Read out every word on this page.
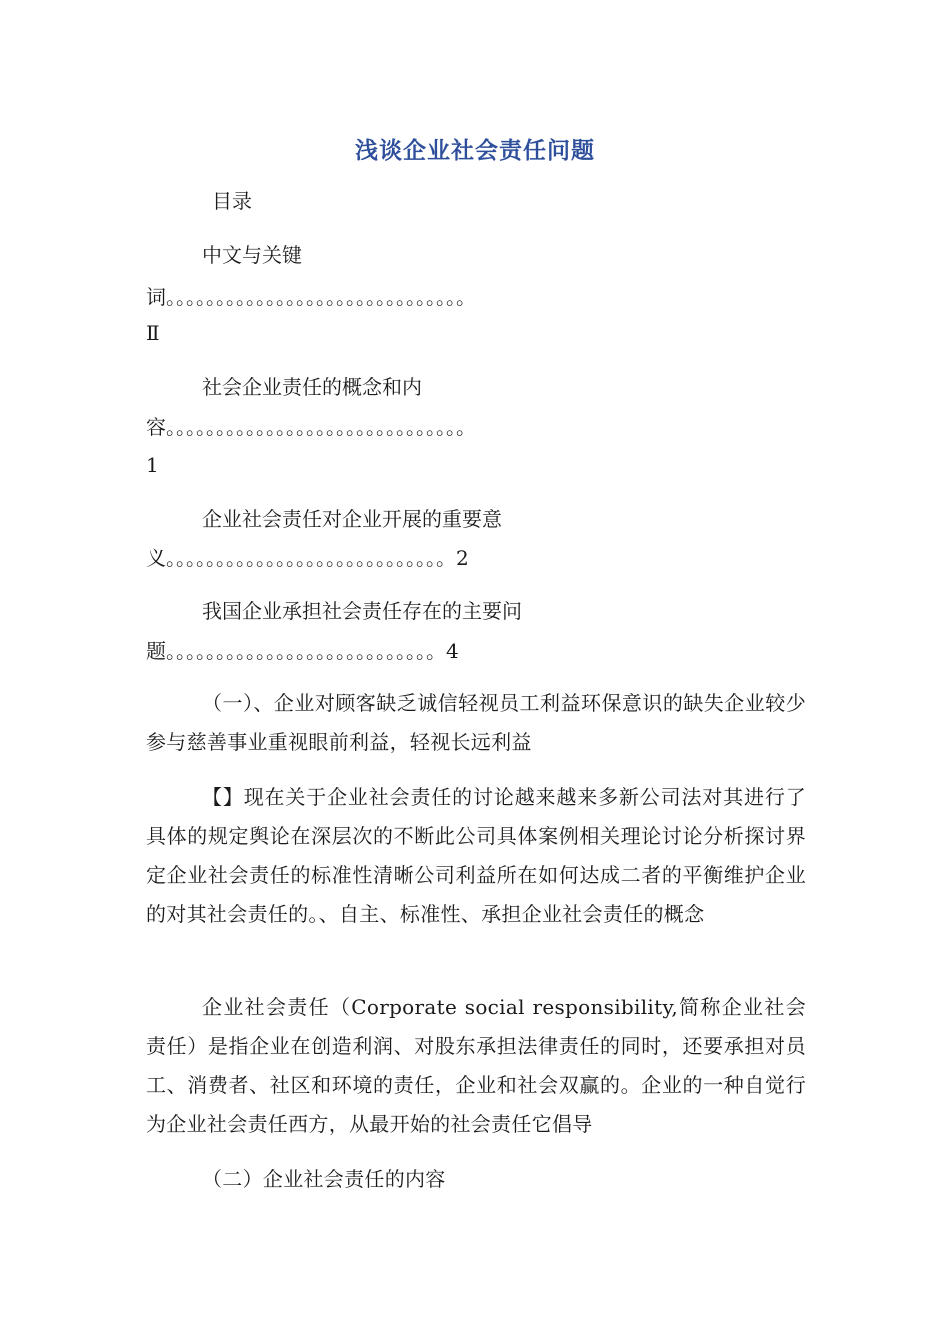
浅谈企业社会责任问题
目录
中文与关键
词。。。。。。。。。。。。。。。。。。。。。。。。。。。。。。
Ⅱ
社会企业责任的概念和内
容。。。。。。。。。。。。。。。。。。。。。。。。。。。。。。
1
企业社会责任对企业开展的重要意
义。。。。。。。。。。。。。。。。。。。。。。。。。。。。2
我国企业承担社会责任存在的主要问
题。。。。。。。。。。。。。。。。。。。。。。。。。。。4

（一）、企业对顾客缺乏诚信轻视员工利益环保意识的缺失企业较少参与慈善事业重视眼前利益，轻视长远利益

【】现在关于企业社会责任的讨论越来越来多新公司法对其进行了具体的规定舆论在深层次的不断此公司具体案例相关理论讨论分析探讨界定企业社会责任的标准性清晰公司利益所在如何达成二者的平衡维护企业的对其社会责任的。、自主、标准性、承担企业社会责任的概念

企业社会责任（Corporate social responsibility,简称企业社会责任）是指企业在创造利润、对股东承担法律责任的同时，还要承担对员工、消费者、社区和环境的责任，企业和社会双赢的。企业的一种自觉行为企业社会责任西方，从最开始的社会责任它倡导

（二）企业社会责任的内容
